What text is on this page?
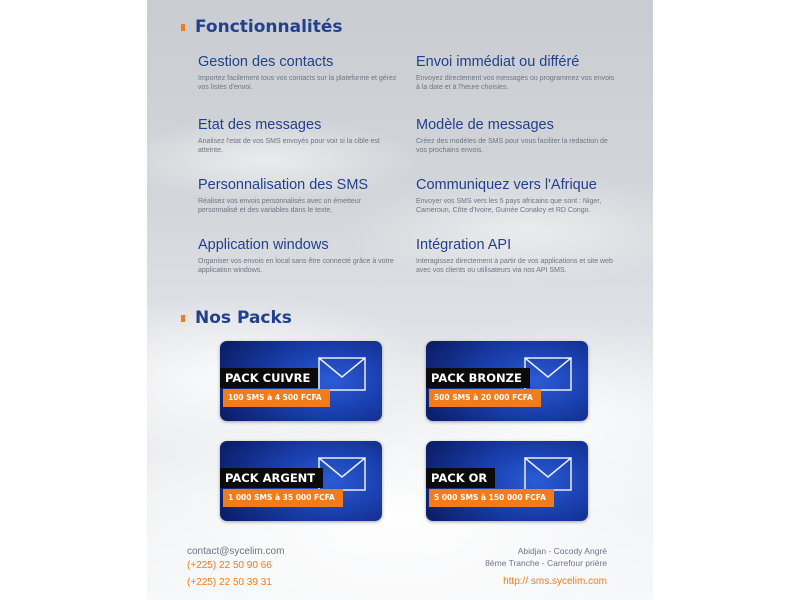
Fonctionnalités
Gestion des contacts
Importez facilement tous vos contacts sur la plateforme et gérez vos listes d'envoi.
Envoi immédiat ou différé
Envoyez directement vos messages ou programmez vos envois à la date et à l'heure choisies.
Etat des messages
Analisez l'etat de vos SMS envoyés pour voir si la cible est atteinte.
Modèle de messages
Créez des modèles de SMS pour vous faciliter la redaction de vos prochains envois.
Personnalisation des SMS
Réalisez vos envois personnalisés avec un émetteur personnalisé et des variables dans le texte.
Communiquez vers l'Afrique
Envoyer vos SMS vers les 5 pays africains que sont : Niger, Cameroun, Côte d'Ivoire, Guinée Conakry et RD Congo.
Application windows
Organiser vos envois en local sans être connecté grâce à votre application windows.
Intégration API
Interagissez directement à partir de vos applications et site web avec vos clients ou utilisateurs via nos API SMS.
Nos Packs
PACK CUIVRE
100 SMS à 4 500 FCFA
PACK BRONZE
500 SMS à 20 000 FCFA
PACK ARGENT
1 000 SMS à 35 000 FCFA
PACK OR
5 000 SMS à 150 000 FCFA
contact@sycelim.com
(+225) 22 50 90 66
(+225) 22 50 39 31
Abidjan - Cocody Angré
8ème Tranche - Carrefour prière
http:// sms.sycelim.com
